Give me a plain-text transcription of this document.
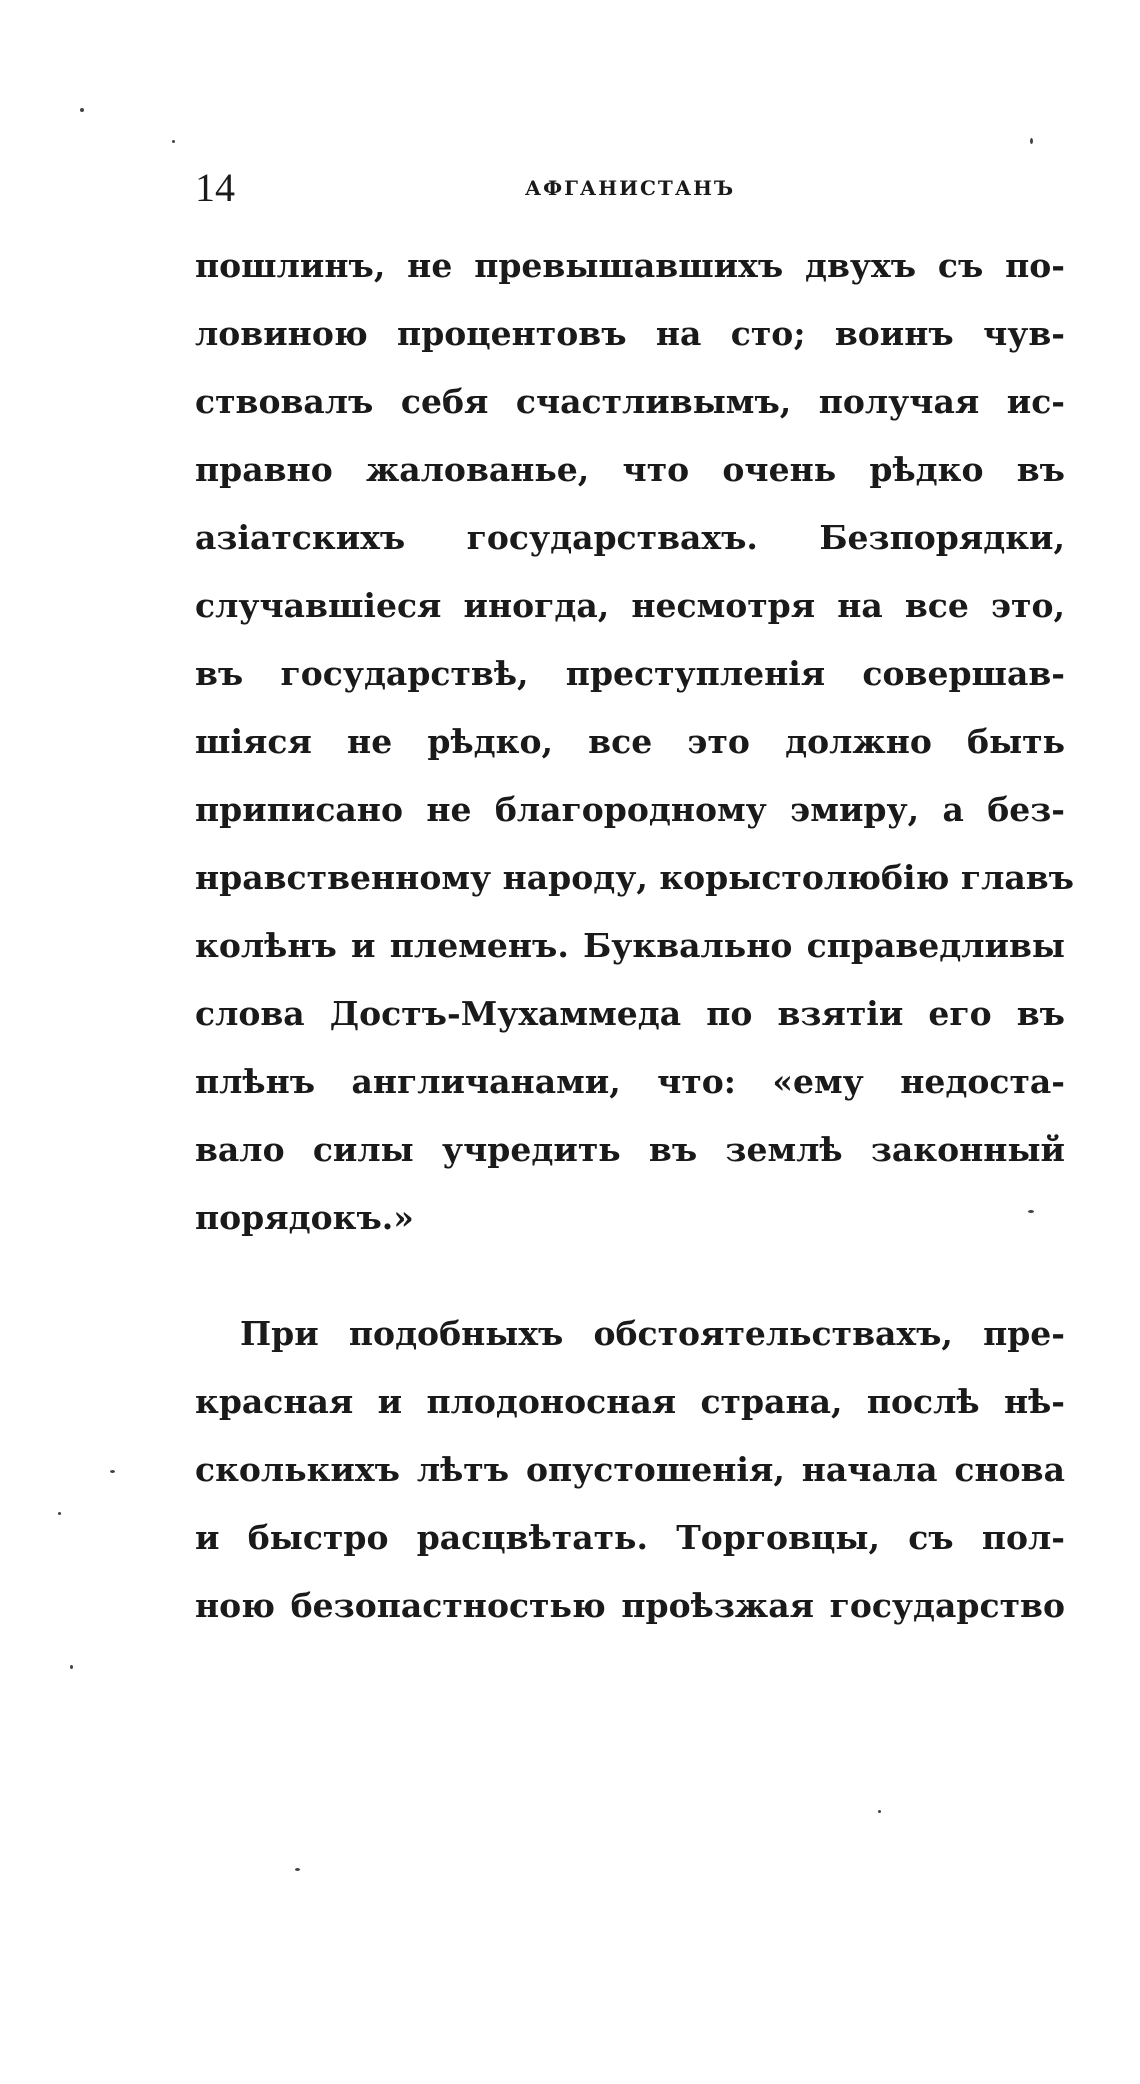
14	АФГАНИСТАНЪ
пошлинъ, не превышавшихъ двухъ съ по-
ловиною процентовъ на сто; воинъ чув-
ствовалъ себя счастливымъ, получая ис-
правно жалованье, что очень рѣдко въ
азіатскихъ государствахъ. Безпорядки,
случавшіеся иногда, несмотря на все это,
въ государствѣ, преступленія совершав-
шіяся не рѣдко, все это должно быть
приписано не благородному эмиру, а без-
нравственному народу, корыстолюбію главъ
колѣнъ и племенъ. Буквально справедливы
слова Достъ-Мухаммеда по взятіи его въ
плѣнъ англичанами, что: «ему недоста-
вало силы учредить въ землѣ законный
порядокъ.»
При подобныхъ обстоятельствахъ, пре-
красная и плодоносная страна, послѣ нѣ-
сколькихъ лѣтъ опустошенія, начала снова
и быстро расцвѣтать. Торговцы, съ пол-
ною безопастностью проѣзжая государство
